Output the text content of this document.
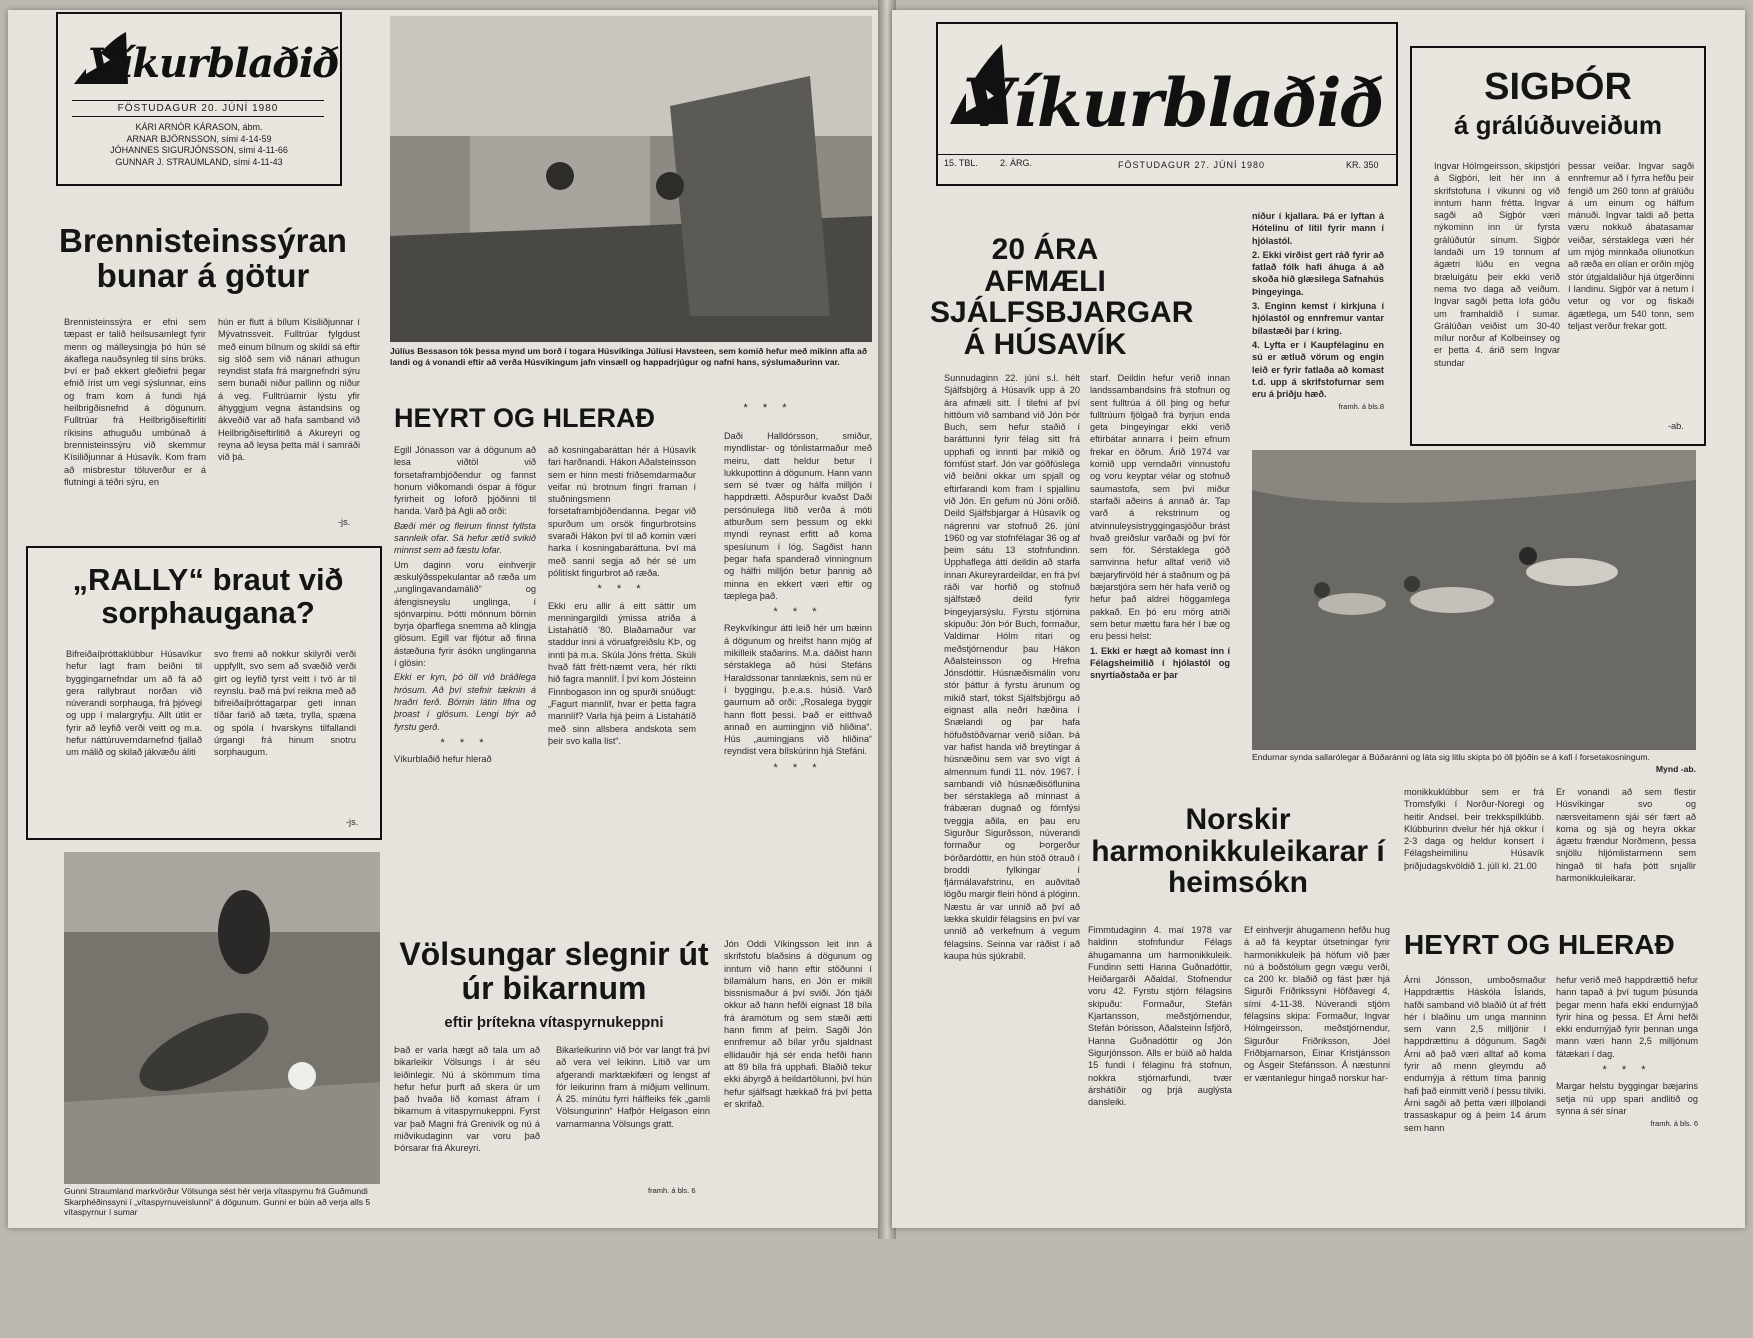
Víkurblaðið
FÖSTUDAGUR 20. JÚNÍ 1980
KÁRI ARNÓR KÁRASON, ábm.
ARNAR BJÖRNSSON, sími 4-14-59
JÓHANNES SIGURJÓNSSON, sími 4-11-66
GUNNAR J. STRAUMLAND, sími 4-11-43
Júlíus Bessason tók þessa mynd um borð í togara Húsvíkinga Júlíusi Havsteen, sem komið hefur með mikinn afla að landi og á vonandi eftir að verða Húsvíkingum jafn vinsæll og happadrjúgur og nafni hans, sýslumaðurinn var.
Brennisteinssýran bunar á götur
Brennisteinssýra er efni sem tæpast er talið heilsusamlegt fyrir menn og málleysingja þó hún sé ákaflega nauðsynleg til síns brúks. Því er það ekkert gleðiefni þegar efnið írist um vegi sýslunnar, eins og fram kom á fundi hjá heilbrigðisnefnd á dögunum. Fulltrúar frá Heilbrigðiseftirliti ríkisins athuguðu umbúnað á brennisteinssýru við skemmur Kísiliðjunnar á Húsavík. Kom fram að misbrestur töluverður er á flutningi á téðri sýru, en
hún er flutt á bílum Kísiliðjunnar í Mývatnssveit. Fulltrúar fylgdust með einum bílnum og skildi sá eftir sig slóð sem við nánari athugun reyndist stafa frá margnefndri sýru sem bunaði niður pallinn og niður á veg. Fulltrúarnir lýstu yfir áhyggjum vegna ástandsins og ákveðið var að hafa samband við Heilbrigðiseftirlitið á Akureyri og reyna að leysa þetta mál í samráði við þá.
-js.
„RALLY“ braut við sorphaugana?
Bifreiðaíþróttaklúbbur Húsavíkur hefur lagt fram beiðni til byggingarnefndar um að fá að gera rallybraut norðan við núverandi sorphauga, frá þjóvegi og upp í malargryfju. Allt útlit er fyrir að leyfið verði veitt og m.a. hefur náttúruverndarnefnd fjallað um málið og skilað jákvæðu áliti
svo fremi að nokkur skilyrði verði uppfyllt, svo sem að svæðið verði girt og leyfið tyrst veitt í tvö ár til reynslu. Það má því reikna með að bifreiðaíþróttagarpar geti innan tíðar farið að tæta, trylla, spæna og spóla í hvarskyns tilfallandi úrgangi frá hinum snotru sorphaugum.
-js.
Gunni Straumland markvörður Völsunga sést hér verja vítaspyrnu frá Guðmundi Skarphéðinssyni í „vítaspyrnuveislunni“ á dögunum. Gunni er búin að verja alls 5 vítaspyrnur í sumar
HEYRT OG HLERAÐ	* * *

Egill Jónasson var á dögunum að lesa viðtöl við forsetaframbjóðendur og fannst honum viðkomandi óspar á fögur fyrirheit og loforð þjóðinni til handa. Varð þá Agli að orði:

Bæði mér og fleirum finnst fyllsta sannleik ofar. Sá hefur ætíð svikið minnst sem að fæstu lofar.

Um daginn voru einhverjir æskulýðsspekulantar að ræða um „unglingavandamálið“ og áfengisneyslu unglinga, í sjónvarpinu. Þótti mönnum börnin byrja óþarflega snemma að klingja glösum. Egill var fljótur að finna ástæðuna fyrir ásókn unglinganna í glösin:

Ekki er kyn, þó öll við bráðlega hrósum. Að því stefnir tæknin á hraðri ferð. Börnin látin lifna og þroast í glösum. Lengi býr að fyrstu gerð.

* * *

Víkurblaðið hefur hlerað

að kosningabaráttan hér á Húsavík fari harðnandi. Hákon Aðalsteinsson sem er hinn mesti friðsemdarmaður veifar nú brotnum fingri framan í stuðningsmenn forsetaframbjóðendanna. Þegar við spurðum um orsök fingurbrotsins svaraði Hákon því til að komin væri harka í kosningabaráttuna. Því má með sanni segja að hér sé um pólitískt fingurbrot að ræða.

* * *

Ekki eru allir á eitt sáttir um menningargildi ýmissa atriða á Listahátíð '80. Blaðamaður var staddur inni á vöruafgreiðslu KÞ, og innti þá m.a. Skúla Jóns frétta. Skúli hvað fátt frétt-næmt vera, hér ríkti hið fagra mannlíf. Í því kom Jósteinn Finnbogason inn og spurði snúðugt: „Fagurt mannlíf, hvar er þetta fagra mannlíf? Varla hjá þeim á Listahátíð með sinn allsbera andskota sem þeir svo kalla list“.

Daði Halldórsson, smiður, myndlistar- og tónlistarmaður með meiru, datt heldur betur í lukkupottinn á dögunum. Hann vann sem sé tvær og hálfa milljón í happdrætti. Aðspurður kvaðst Daði persónulega lítið verða á móti atburðum sem þessum og ekki myndi reynast erfitt að koma spesíunum í lóg. Sagðist hann þegar hafa spanderað vinningnum og hálfri milljón betur þannig að minna en ekkert væri eftir og tæplega það.

* * *

Reykvíkingur átti leið hér um bæinn á dögunum og hreifst hann mjög af mikilleik staðarins. M.a. dáðist hann sérstaklega að húsi Stefáns Haraldssonar tannlæknis, sem nú er í byggingu, þ.e.a.s. húsið. Varð gaurnum að orði: „Rosalega byggir hann flott þessi. Það er eitthvað annað en aumingjnn við hliðina“. Hús „aumingjans við hliðina“ reyndist vera bílskúrinn hjá Stefáni.

* * *
Völsungar slegnir út úr bikarnum
eftir þrítekna vítaspyrnukeppni
Það er varla hægt að tala um að bikarleikir Völsungs í ár séu leiðinlegir. Nú á skömmum tíma hefur hefur þurft að skera úr um það hvaða lið komast áfram í bikarnum á vítaspyrnukeppni. Fyrst var það Magni frá Grenivík og nú á miðvikudaginn var voru það Þórsarar frá Akureyri.
Bikarleikurinn við Þór var langt frá því að vera vel leikinn. Lítið var um afgerandi marktækifæri og lengst af fór leikurinn fram á miðjum vellinum. Á 25. mínútu fyrri hálfleiks fék „gamli Völsungurinn“ Hafþór Helgason einn varnarmanna Völsungs gratt.
framh. á bls. 6
Jón Oddi Víkingsson leit inn á skrifstofu blaðsins á dögunum og inntum við hann eftir stöðunni í bílamálum hans, en Jón er mikill bissnismaður á því sviði. Jón tjáði okkur að hann hefði eignast 18 bíla frá áramótum og sem stæði ætti hann fimm af þeim. Sagði Jón ennfremur að bílar yrðu sjaldnast ellidauðir hjá sér enda hefði hann att 89 bíla frá upphafi. Blaðið tekur ekki ábyrgð á heildartölunni, því hún hefur sjálfsagt hækkað frá því þetta er skrifað.
Víkurblaðið
15. TBL. 2. ÁRG.	FÖSTUDAGUR 27. JÚNÍ 1980	KR. 350
SIGÞÓR
á grálúðuveiðum
Ingvar Hólmgeirsson, skipstjóri á Sigþóri, leit hér inn á skrifstofuna í vikunni og við inntum hann frétta. Ingvar sagði að Sigþór væri nýkominn inn úr fyrsta grálúðutúr sínum. Sigþór landaði um 19 tonnum af ágætri lúðu en vegna bræluigátu þeir ekki verið nema tvo daga að veiðum. Ingvar sagði þetta lofa góðu um framhaldið í sumar. Grálúðan veiðist um 30-40 mílur norður af Kolbeinsey og er þetta 4. árið sem Ingvar stundar
þessar veiðar. Ingvar sagði ennfremur að í fyrra hefðu þeir fengið um 260 tonn af grálúðu á um einum og hálfum mánuði. Ingvar taldi að þetta væru nokkuð ábatasamar veiðar, sérstaklega væri hér um mjóg minnkaða oliunotkun að ræða en olían er orðin mjög stór útgjaldaliður hjá útgerðinni í landinu. Sigþór var á netum í vetur og vor og fiskaði ágætlega, um 540 tonn, sem teljast verður frekar gott.
-ab.
20 ÁRA AFMÆLI SJÁLFSBJARGAR Á HÚSAVÍK
Sunnudaginn 22. júní s.l. hélt Sjálfsbjörg á Húsavík upp á 20 ára afmæli sitt. Í tilefni af því hittöum við samband við Jón Þór Buch, sem hefur staðið í baráttunni fyrir félag sitt frá upphafi og innnti þar mikið og fórnfúst starf. Jón var góðfúslega við beiðni okkar um spjall og eftirfarandi kom fram í spjallinu við Jón. En gefum nú Jóni orðið. Deild Sjálfsbjargar á Húsavík og nágrenni var stofnuð 26. júní 1960 og var stofnfélagar 36 og af þeim sátu 13 stofnfundinn. Upphaflega átti deildin að starfa innan Akureyrardeildar, en frá því ráði var horfið og stofnuð sjálfstæð deild fyrir Þingeyjarsýslu. Fyrstu stjórnina skipuðu: Jón Þór Buch, formaður, Valdimar Hólm ritari og meðstjórnendur þau Hákon Aðalsteinsson og Hrefna Jónsdóttir. Húsnæðismálin voru stór þáttur á fyrstu árunum og mikið starf, tókst Sjálfsbjörgu að eignast alla neðri hæðina í Snælandi og þar hafa höfuðstöðvarnar verið síðan. Þá var hafist handa við breytingar á húsnæðinu sem var svo vígt á almennum fundi 11. nóv. 1967. Í sambandi við húsnæðisöflunina ber sérstaklega að minnast á frábæran dugnað og fórnfýsi tveggja aðila, en þau eru Sigurður Sigurðsson, núverandi formaður og Þorgerður Þórðardóttir, en hún stóð ótrauð í broddi fylkingar í fjármálavafstrinu, en auðvitað lögðu margir fleiri hönd á plóginn. Næstu ár var unnið að því að lækka skuldir félagsins en því var unnið að verkefnum á vegum félagsins. Seinna var ráðist í að kaupa hús sjúkrabíl.

starf. Deildin hefur verið innan landssambandsins frá stofnun og sent fulltrúa á öll þing og hefur fulltrúum fjölgað frá byrjun enda geta Þingeyingar ekki verið eftirbátar annarra í þeim efnum frekar en öðrum. Árið 1974 var komið upp verndaðri vinnustofu og voru keyptar vélar og stofnuð saumastofa, sem því miður starfaði aðeins á annað ár. Tap varð á rekstrinum og atvinnuleysistryggingasjóður brást hvað greiðslur varðaði og því fór sem fór. Sérstaklega góð samvinna hefur alltaf verið við bæjaryfirvöld hér á staðnum og þá bæjarstjóra sem hér hafa verið og hefur það aldrei höggamlega pakkað. En þó eru mörg atriði sem betur mættu fara hér í bæ og eru þessi helst:

1. Ekki er hægt að komast inn í Félagsheimilið í hjólastól og snyrtiaðstaða er þar

niður í kjallara. Þá er lyftan á Hótelinu of lítil fyrir mann í hjólastól.

2. Ekki virðist gert ráð fyrir að fatlað fólk hafi áhuga á að skoða hið glæsilega Safnahús Þingeyinga.

3. Enginn kemst í kirkjuna í hjólastól og ennfremur vantar bílastæði þar í kring.

4. Lyfta er í Kaupfélaginu en sú er ætluð vörum og engin leið er fyrir fatlaða að komast t.d. upp á skrifstofurnar sem eru á þriðju hæð.

framh. á bls.8

Endurnar synda sallarólegar á Búðaránni og láta sig litlu skipta þó öll þjóðin se á kafi í forsetakosningum.
Mynd -ab.
Norskir harmonikkuleikarar í heimsókn
Fimmtudaginn 4. maí 1978 var haldinn stofnfundur Félags áhugamanna um harmonikkuleik. Fundinn setti Hanna Guðnadóttir, Heiðargarði Aðaldal. Stofnendur voru 42. Fyrstu stjórn félagsins skipuðu: Formaður, Stefán Kjartansson, meðstjórnendur, Stefán Þórisson, Aðalsteinn Ísfjörð, Hanna Guðnadóttir og Jón Sigurjónsson. Alls er búið að halda 15 fundi í félaginu frá stofnun, nokkra stjórnarfundi, tvær árshátíðir og þrjá auglýsta dansleiki.
Ef einhverjir áhugamenn hefðu hug á að fá keyptar útsetningar fyrir harmonikkuleik þá höfum við þær nú á boðstólum gegn vægu verði, ca 200 kr. blaðið og fást þær hjá Sigurði Friðrikssyni Höfðavegi 4, sími 4-11-38. Núverandi stjórn félagsins skipa: Formaður, Ingvar Hólmgeirsson, meðstjórnendur, Sigurður Friðriksson, Jóel Friðbjarnarson, Einar Kristjánsson og Ásgeir Stefánsson. Á næstunni er væntanlegur hingað norskur har-
monikkuklúbbur sem er frá Tromsfylki í Norður-Noregi og heitir Andsel. Þeir trekkspilklúbb. Klúbburinn dvelur hér hjá okkur í 2-3 daga og heldur konsert í Félagsheimilinu Húsavík þriðjudagskvöldið 1. júlí kl. 21.00
Er vonandi að sem flestir Húsvíkingar svo og nærsveitamenn sjái sér fært að koma og sjá og heyra okkar ágætu frændur Norðmenn, þessa snjöllu hljómlistarmenn sem hingað til hafa þótt snjallir harmonikkuleikarar.
HEYRT OG HLERAÐ
Árni Jónsson, umboðsmaður Happdrættis Háskóla Íslands, hafði samband við blaðið út af frétt hér í blaðinu um unga manninn sem vann 2,5 milljónir í happdrættinu á dögunum. Sagði Árni að það væri alltaf að koma fyrir að menn gleymdu að endurnýja á réttum tíma þannig hafi það einmitt verið í þessu tilviki. Árni sagði að þetta væri illþolandi trassaskapur og á þeim 14 árum sem hann

hefur verið með happdrættið hefur hann tapað á því tugum þúsunda þegar menn hafa ekki endurnýjað fyrir hina og þessa. Ef Árni hefði ekki endurnýjað fyrir þennan unga mann væri hann 2,5 milljónum fátækari í dag.

* * *

Margar helstu byggingar bæjarins setja nú upp spari andlitið og synna á sér sínar

framh. á bls. 6
